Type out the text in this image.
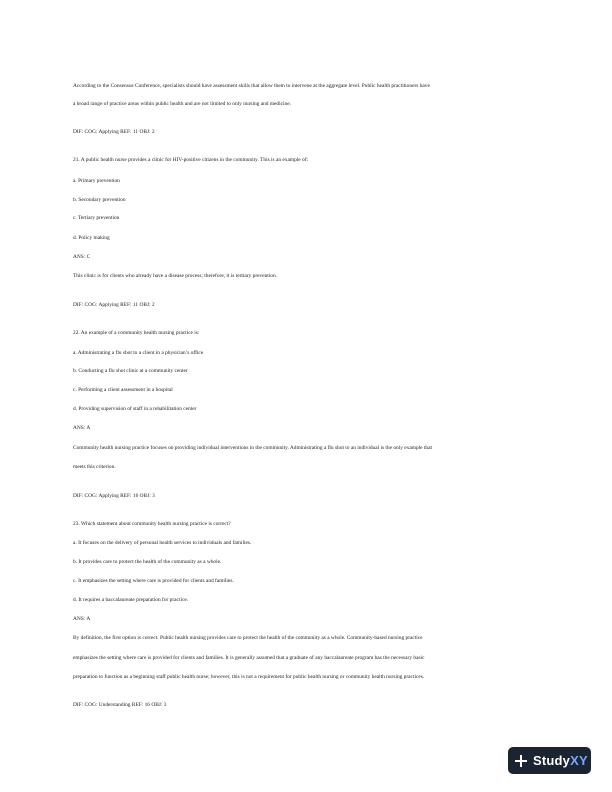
According to the Consensus Conference, specialists should have assessment skills that allow them to intervene at the aggregate level. Public health practitioners have
a broad range of practice areas within public health and are not limited to only nursing and medicine.
DIF: COG: Applying REF: 11 OBJ: 2
21. A public health nurse provides a clinic for HIV-positive citizens in the community. This is an example of:
a. Primary prevention
b. Secondary prevention
c. Tertiary prevention
d. Policy making
ANS: C
This clinic is for clients who already have a disease process; therefore, it is tertiary prevention.
DIF: COG: Applying REF: 11 OBJ: 2
22. An example of a community health nursing practice is:
a. Administrating a flu shot to a client in a physician’s office
b. Conducting a flu shot clinic at a community center
c. Performing a client assessment in a hospital
d. Providing supervision of staff in a rehabilitation center
ANS: A
Community health nursing practice focuses on providing individual interventions in the community. Administrating a flu shot to an individual is the only example that
meets this criterion.
DIF: COG: Applying REF: 16 OBJ: 3
23. Which statement about community health nursing practice is correct?
a. It focuses on the delivery of personal health services to individuals and families.
b. It provides care to protect the health of the community as a whole.
c. It emphasizes the setting where care is provided for clients and families.
d. It requires a baccalaureate preparation for practice.
ANS: A
By definition, the first option is correct. Public health nursing provides care to protect the health of the community as a whole. Community-based nursing practice
emphasizes the setting where care is provided for clients and families. It is generally assumed that a graduate of any baccalaureate program has the necessary basic
preparation to function as a beginning staff public health nurse; however, this is not a requirement for public health nursing or community health nursing practices.
DIF: COG: Understanding REF: 16 OBJ: 3
StudyXY
